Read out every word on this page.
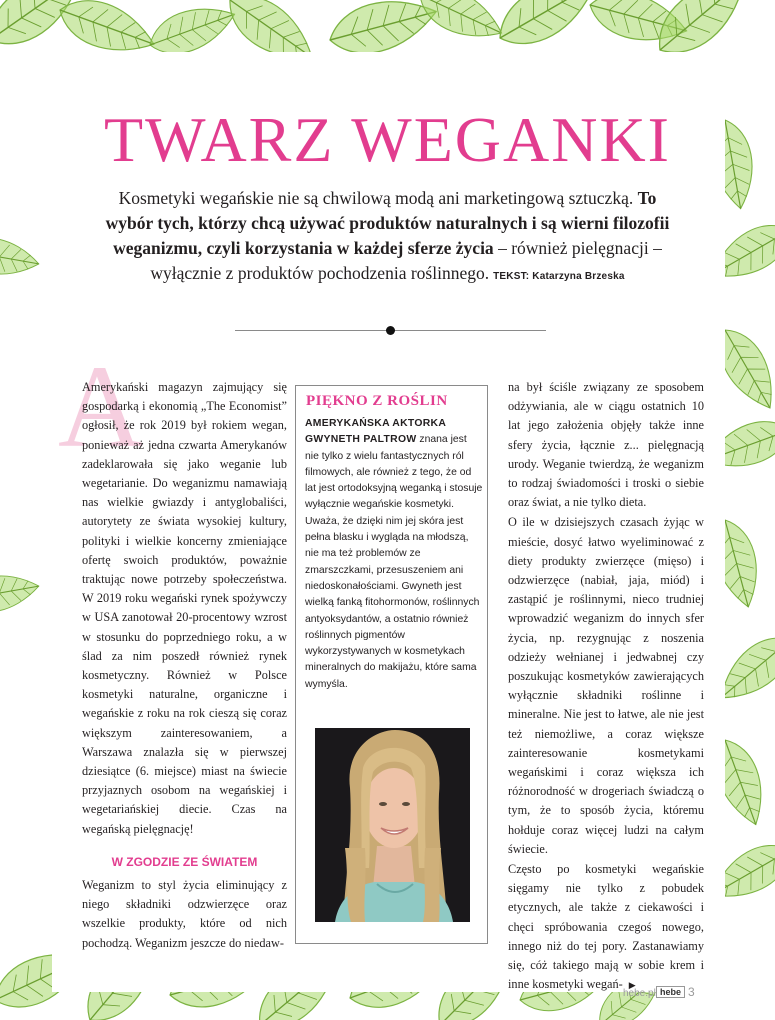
TWARZ WEGANKI
Kosmetyki wegańskie nie są chwilową modą ani marketingową sztuczką. To wybór tych, którzy chcą używać produktów naturalnych i są wierni filozofii weganizmu, czyli korzystania w każdej sferze życia – również pielęgnacji – wyłącznie z produktów pochodzenia roślinnego. TEKST: Katarzyna Brzeska
A

Amerykański magazyn zajmujący się gospodarką i ekonomią „The Economist” ogłosił, że rok 2019 był rokiem wegan, ponieważ aż jedna czwarta Amerykanów zadeklarowała się jako weganie lub wegetarianie. Do weganizmu namawiają nas wielkie gwiazdy i antyglobaliści, autorytety ze świata wysokiej kultury, polityki i wielkie koncerny zmieniające ofertę swoich produktów, poważnie traktując nowe potrzeby społeczeństwa. W 2019 roku wegański rynek spożywczy w USA zanotował 20-procentowy wzrost w stosunku do poprzedniego roku, a w ślad za nim poszedł również rynek kosmetyczny. Również w Polsce kosmetyki naturalne, organiczne i wegańskie z roku na rok cieszą się coraz większym zainteresowaniem, a Warszawa znalazła się w pierwszej dziesiątce (6. miejsce) miast na świecie przyjaznych osobom na wegańskiej i wegetariańskiej diecie. Czas na wegańską pielęgnację!

W ZGODZIE ZE ŚWIATEM

Weganizm to styl życia eliminujący z niego składniki odzwierzęce oraz wszelkie produkty, które od nich pochodzą. Weganizm jeszcze do niedaw-

PIĘKNO Z ROŚLIN
AMERYKAŃSKA AKTORKA GWYNETH PALTROW znana jest nie tylko z wielu fantastycznych ról filmowych, ale również z tego, że od lat jest ortodoksyjną weganką i stosuje wyłącznie wegańskie kosmetyki. Uważa, że dzięki nim jej skóra jest pełna blasku i wygląda na młodszą, nie ma też problemów ze zmarszczkami, przesuszeniem ani niedoskonałościami. Gwyneth jest wielką fanką fitohormonów, roślinnych antyoksydantów, a ostatnio również roślinnych pigmentów wykorzystywanych w kosmetykach mineralnych do makijażu, które sama wymyśla.

na był ściśle związany ze sposobem odżywiania, ale w ciągu ostatnich 10 lat jego założenia objęły także inne sfery życia, łącznie z... pielęgnacją urody. Weganie twierdzą, że weganizm to rodzaj świadomości i troski o siebie oraz świat, a nie tylko dieta.

O ile w dzisiejszych czasach żyjąc w mieście, dosyć łatwo wyeliminować z diety produkty zwierzęce (mięso) i odzwierzęce (nabiał, jaja, miód) i zastąpić je roślinnymi, nieco trudniej wprowadzić weganizm do innych sfer życia, np. rezygnując z noszenia odzieży wełnianej i jedwabnej czy poszukując kosmetyków zawierających wyłącznie składniki roślinne i mineralne. Nie jest to łatwe, ale nie jest też niemożliwe, a coraz większe zainteresowanie kosmetykami wegańskimi i coraz większa ich różnorodność w drogeriach świadczą o tym, że to sposób życia, któremu hołduje coraz więcej ludzi na całym świecie.

Często po kosmetyki wegańskie sięgamy nie tylko z pobudek etycznych, ale także z ciekawości i chęci spróbowania czegoś nowego, innego niż do tej pory. Zastanawiamy się, cóż takiego mają w sobie krem i inne kosmetyki wegań- ▶

hebe.pl hebe 3
